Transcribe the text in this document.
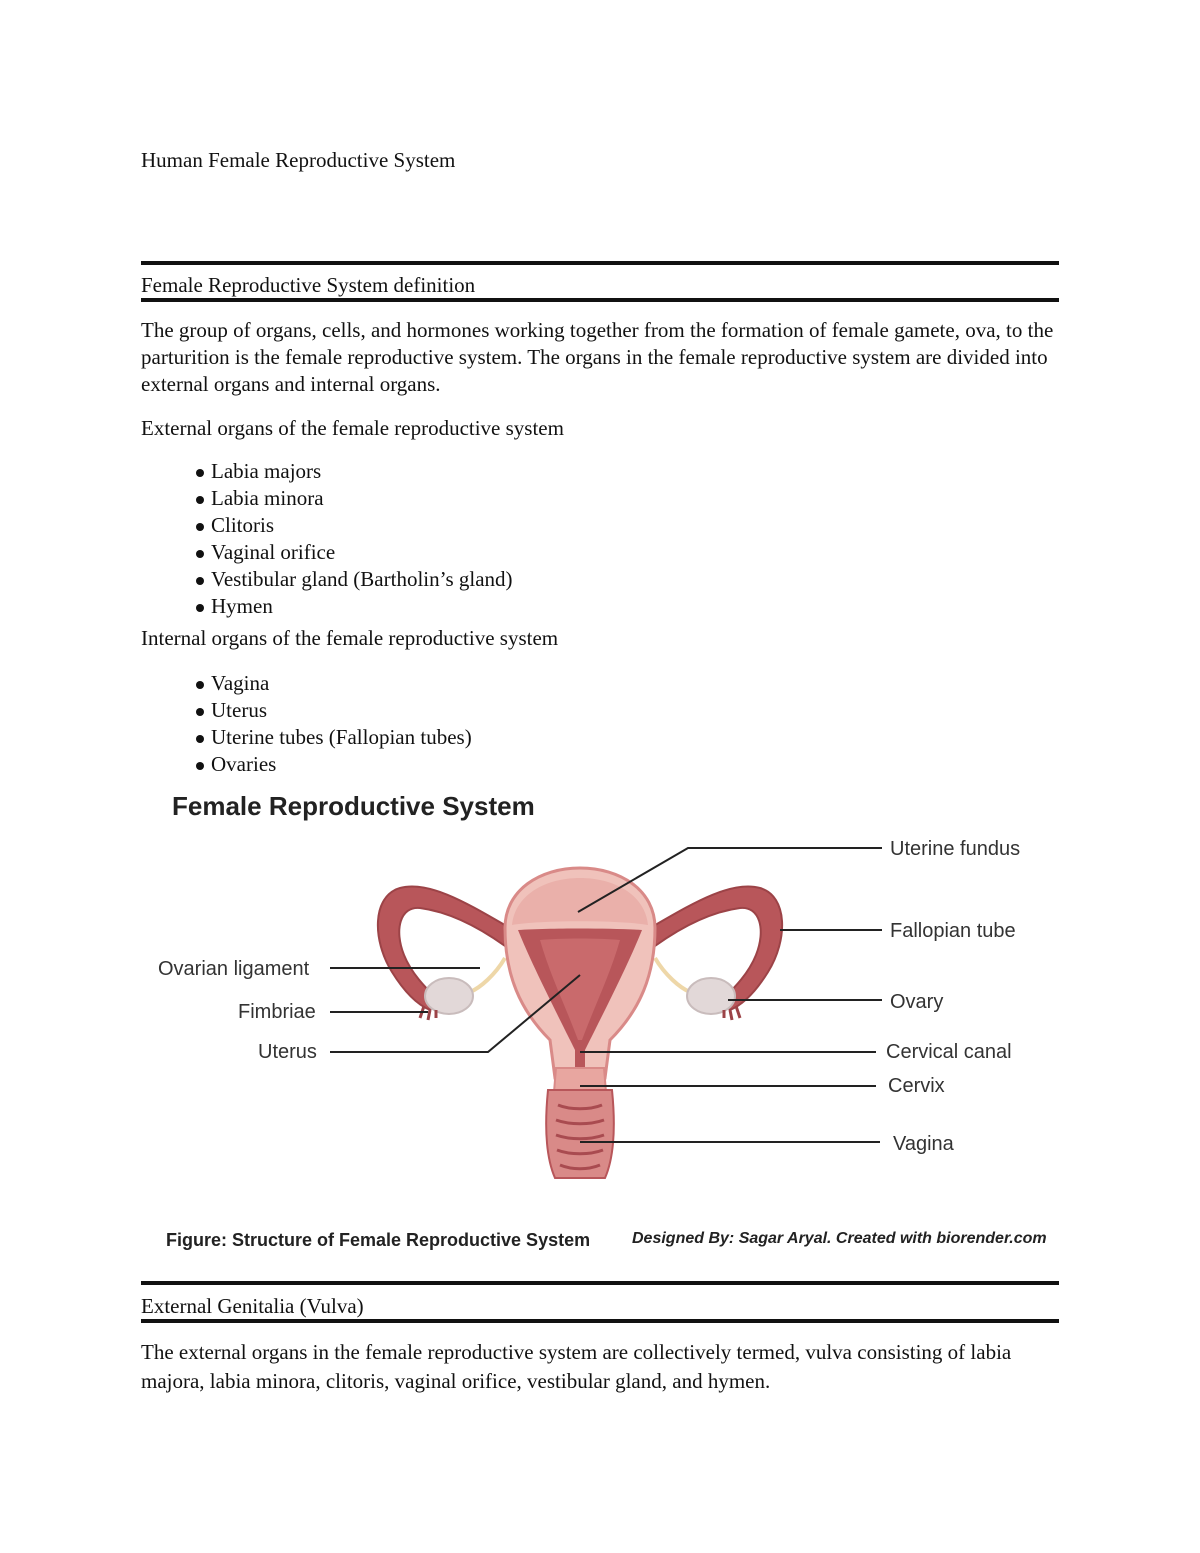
Human Female Reproductive System
Female Reproductive System definition

The group of organs, cells, and hormones working together from the formation of female gamete, ova, to the parturition is the female reproductive system. The organs in the female reproductive system are divided into external organs and internal organs.

External organs of the female reproductive system
Labia majors
Labia minora
Clitoris
Vaginal orifice
Vestibular gland (Bartholin’s gland)
Hymen
Internal organs of the female reproductive system
Vagina
Uterus
Uterine tubes (Fallopian tubes)
Ovaries
Female Reproductive System
Uterine fundus
Fallopian tube
Ovarian ligament
Fimbriae	Ovary
Uterus	Cervical canal
Cervix
Vagina
Figure: Structure of Female Reproductive System	Designed By: Sagar Aryal. Created with biorender.com
External Genitalia (Vulva)

The external organs in the female reproductive system are collectively termed, vulva consisting of labia majora, labia minora, clitoris, vaginal orifice, vestibular gland, and hymen.
